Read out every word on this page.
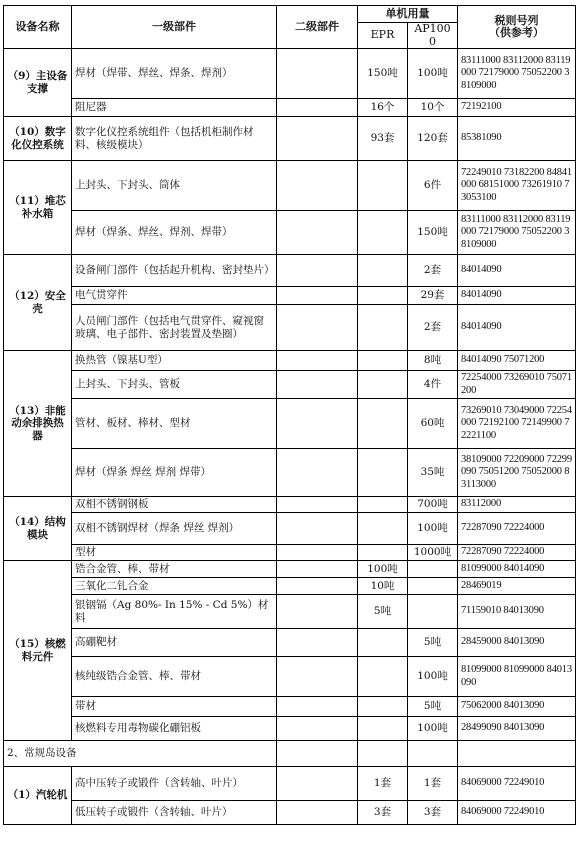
设备名称	一级部件	二级部件	单机用量		税则号列
（供参考）

			EPR	AP1000	
（9）主设备支撑	焊材（焊带、焊丝、焊条、焊剂）		150吨	100吨	83111000 83112000 83119000 72179000 75052200 38109000
	阻尼器		16个	10个	72192100
（10）数字化仪控系统	数字化仪控系统组件（包括机柜制作材料、核级模块）		93套	120套	85381090
（11）堆芯补水箱	上封头、下封头、筒体			6件	72249010 73182200 84841000 68151000 73261910 73053100
	焊材（焊条、焊丝、焊剂、焊带）			150吨	83111000 83112000 83119000 72179000 75052200 38109000
（12）安全壳	设备闸门部件（包括起升机构、密封垫片）			2套	84014090
	电气贯穿件			29套	84014090
	人员闸门部件（包括电气贯穿件、窥视窗玻璃、电子部件、密封装置及垫圈）			2套	84014090
（13）非能动余排换热器	换热管（镍基U型）			8吨	84014090 75071200
	上封头、下封头、管板			4件	72254000 73269010 75071200
	管材、板材、棒材、型材			60吨	73269010 73049000 72254000 72192100 72149900 72221100
	焊材（焊条 焊丝 焊剂 焊带）			35吨	38109000 72209000 72299090 75051200 75052000 83113000
（14）结构模块	双相不锈钢钢板			700吨	83112000
	双相不锈钢焊材（焊条 焊丝 焊剂）			100吨	72287090 72224000
	型材			1000吨	72287090 72224000
（15）核燃料元件	锆合金管、棒、带材		100吨		81099000 84014090
	三氧化二钆合金		10吨		28469019
	银铟镉（Ag 80%- In 15% - Cd 5%）材料		5吨		71159010 84013090
	高硼靶材			5吨	28459000 84013090
	核纯级锆合金管、棒、带材			100吨	81099000 81099000 84013090
	带材			5吨	75062000 84013090
	核燃料专用毒物碳化硼铝板			100吨	28499090 84013090
2、常规岛设备					
（1）汽轮机	高中压转子或锻件（含转轴、叶片）		1套	1套	84069000 72249010
	低压转子或锻件（含转轴、叶片）		3套	3套	84069000 72249010
